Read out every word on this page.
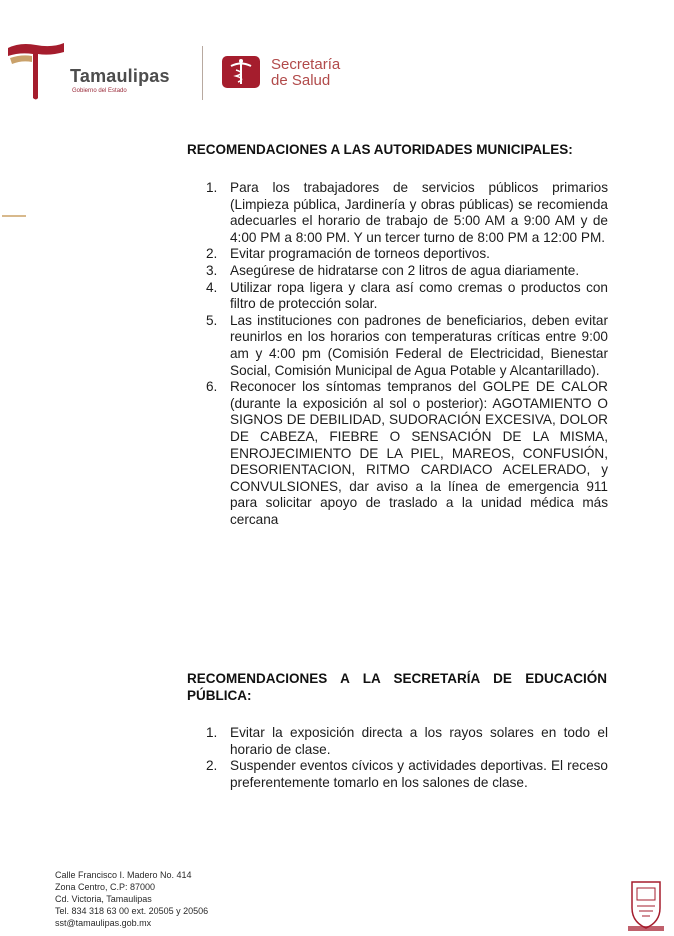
Tamaulipas
Gobierno del Estado
Secretaría
de Salud
RECOMENDACIONES A LAS AUTORIDADES MUNICIPALES:
1. Para los trabajadores de servicios públicos primarios (Limpieza pública, Jardinería y obras públicas) se recomienda adecuarles el horario de trabajo de 5:00 AM a 9:00 AM y de 4:00 PM a 8:00 PM. Y un tercer turno de 8:00 PM a 12:00 PM.
2. Evitar programación de torneos deportivos.
3. Asegúrese de hidratarse con 2 litros de agua diariamente.
4. Utilizar ropa ligera y clara así como cremas o productos con filtro de protección solar.
5. Las instituciones con padrones de beneficiarios, deben evitar reunirlos en los horarios con temperaturas críticas entre 9:00 am y 4:00 pm (Comisión Federal de Electricidad, Bienestar Social, Comisión Municipal de Agua Potable y Alcantarillado).
6. Reconocer los síntomas tempranos del GOLPE DE CALOR (durante la exposición al sol o posterior): AGOTAMIENTO O SIGNOS DE DEBILIDAD, SUDORACIÓN EXCESIVA, DOLOR DE CABEZA, FIEBRE O SENSACIÓN DE LA MISMA, ENROJECIMIENTO DE LA PIEL, MAREOS, CONFUSIÓN, DESORIENTACION, RITMO CARDIACO ACELERADO, y CONVULSIONES, dar aviso a la línea de emergencia 911 para solicitar apoyo de traslado a la unidad médica más cercana
RECOMENDACIONES A LA SECRETARÍA DE EDUCACIÓN PÚBLICA:
1. Evitar la exposición directa a los rayos solares en todo el horario de clase.
2. Suspender eventos cívicos y actividades deportivas. El receso preferentemente tomarlo en los salones de clase.
Calle Francisco I. Madero No. 414
Zona Centro, C.P: 87000
Cd. Victoria, Tamaulipas
Tel. 834 318 63 00 ext. 20505 y 20506
sst@tamaulipas.gob.mx
